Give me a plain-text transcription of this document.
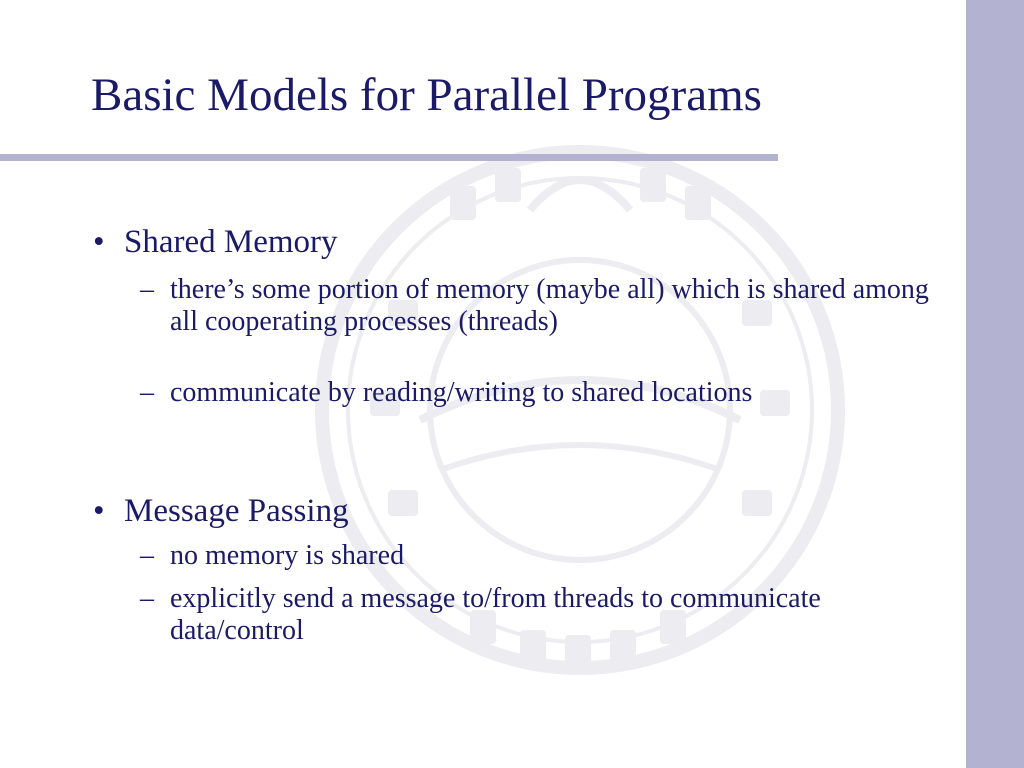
Basic Models for Parallel Programs
• Shared Memory
– there’s some portion of memory (maybe all) which is shared among all cooperating processes (threads)
– communicate by reading/writing to shared locations
• Message Passing
– no memory is shared
– explicitly send a message to/from threads to communicate data/control
